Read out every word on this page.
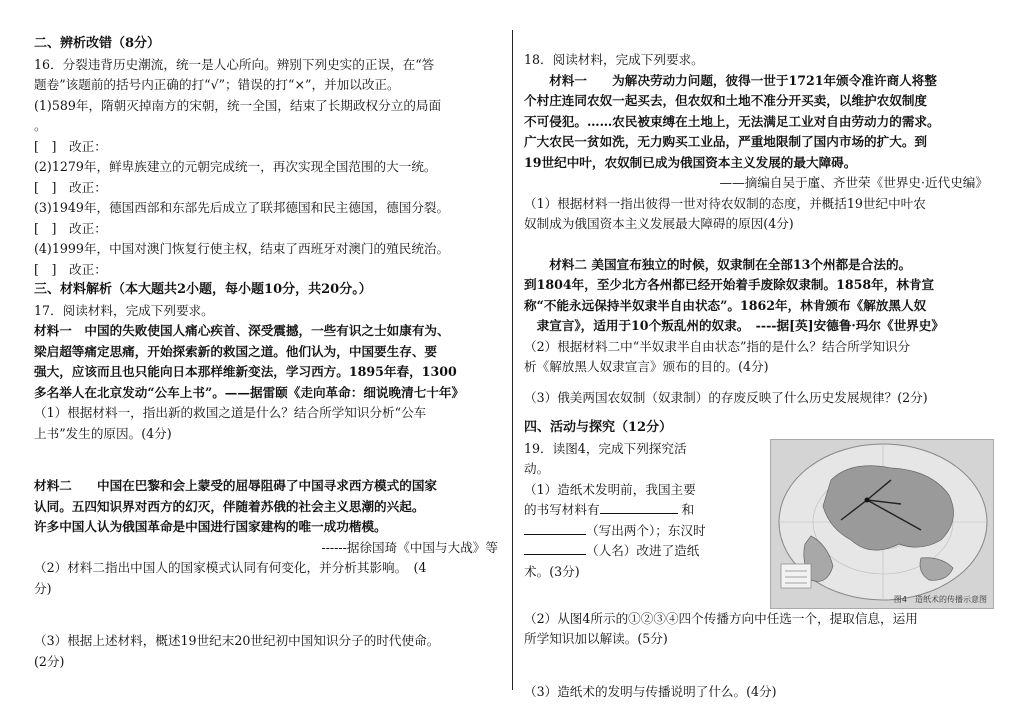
二、辨析改错（8分）
16．分裂违背历史潮流，统一是人心所向。辨别下列史实的正误，在“答
题卷”该题前的括号内正确的打“√”；错误的打“×”，并加以改正。
(1)589年，隋朝灭掉南方的宋朝，统一全国，结束了长期政权分立的局面
。
[　]　改正：
(2)1279年，鲜卑族建立的元朝完成统一，再次实现全国范围的大一统。
[　]　改正：
(3)1949年，德国西部和东部先后成立了联邦德国和民主德国，德国分裂。
[　]　改正：
(4)1999年，中国对澳门恢复行使主权，结束了西班牙对澳门的殖民统治。
[　]　改正：
三、材料解析（本大题共2小题，每小题10分，共20分。）
17．阅读材料，完成下列要求。
材料一　中国的失败使国人痛心疾首、深受震撼，一些有识之士如康有为、
梁启超等痛定思痛，开始探索新的救国之道。他们认为，中国要生存、要
强大，应该而且也只能向日本那样维新变法，学习西方。1895年春，1300
多名举人在北京发动“公车上书”。——据雷颐《走向革命：细说晚清七十年》
（1）根据材料一，指出新的救国之道是什么？结合所学知识分析“公车
上书”发生的原因。(4分)
材料二　　中国在巴黎和会上蒙受的屈辱阻碍了中国寻求西方模式的国家
认同。五四知识界对西方的幻灭，伴随着苏俄的社会主义思潮的兴起。
许多中国人认为俄国革命是中国进行国家建构的唯一成功楷模。
------据徐国琦《中国与大战》等
（2）材料二指出中国人的国家模式认同有何变化，并分析其影响。　(4
分)
（3）根据上述材料，概述19世纪末20世纪初中国知识分子的时代使命。
(2分)
18．阅读材料，完成下列要求。
　　材料一　　为解决劳动力问题，彼得一世于1721年颁令准许商人将整
个村庄连同农奴一起买去，但农奴和土地不准分开买卖，以维护农奴制度
不可侵犯。……农民被束缚在土地上，无法满足工业对自由劳动力的需求。
广大农民一贫如洗，无力购买工业品，严重地限制了国内市场的扩大。到
19世纪中叶，农奴制已成为俄国资本主义发展的最大障碍。
——摘编自吴于廑、齐世荣《世界史·近代史编》
（1）根据材料一指出彼得一世对待农奴制的态度，并概括19世纪中叶农
奴制成为俄国资本主义发展最大障碍的原因(4分)
　　材料二 美国宣布独立的时候，奴隶制在全部13个州都是合法的。
到1804年，至少北方各州都已经开始着手废除奴隶制。1858年，林肯宣
称“不能永远保持半奴隶半自由状态”。1862年，林肯颁布《解放黑人奴
　隶宣言》，适用于10个叛乱州的奴隶。　----据[英]安德鲁·玛尔《世界史》
（2）根据材料二中“半奴隶半自由状态”指的是什么？结合所学知识分
析《解放黑人奴隶宣言》颁布的目的。(4分)
（3）俄美两国农奴制（奴隶制）的存废反映了什么历史发展规律？(2分)
四、活动与探究（12分）
19．读图4，完成下列探究活
动。
（1）造纸术发明前，我国主要
的书写材料有	和
（写出两个）；东汉时
（人名）改进了造纸
术。(3分)
图4　造纸术的传播示意图
（2）从图4所示的①②③④四个传播方向中任选一个，提取信息，运用
所学知识加以解读。(5分)
（3）造纸术的发明与传播说明了什么。(4分)
